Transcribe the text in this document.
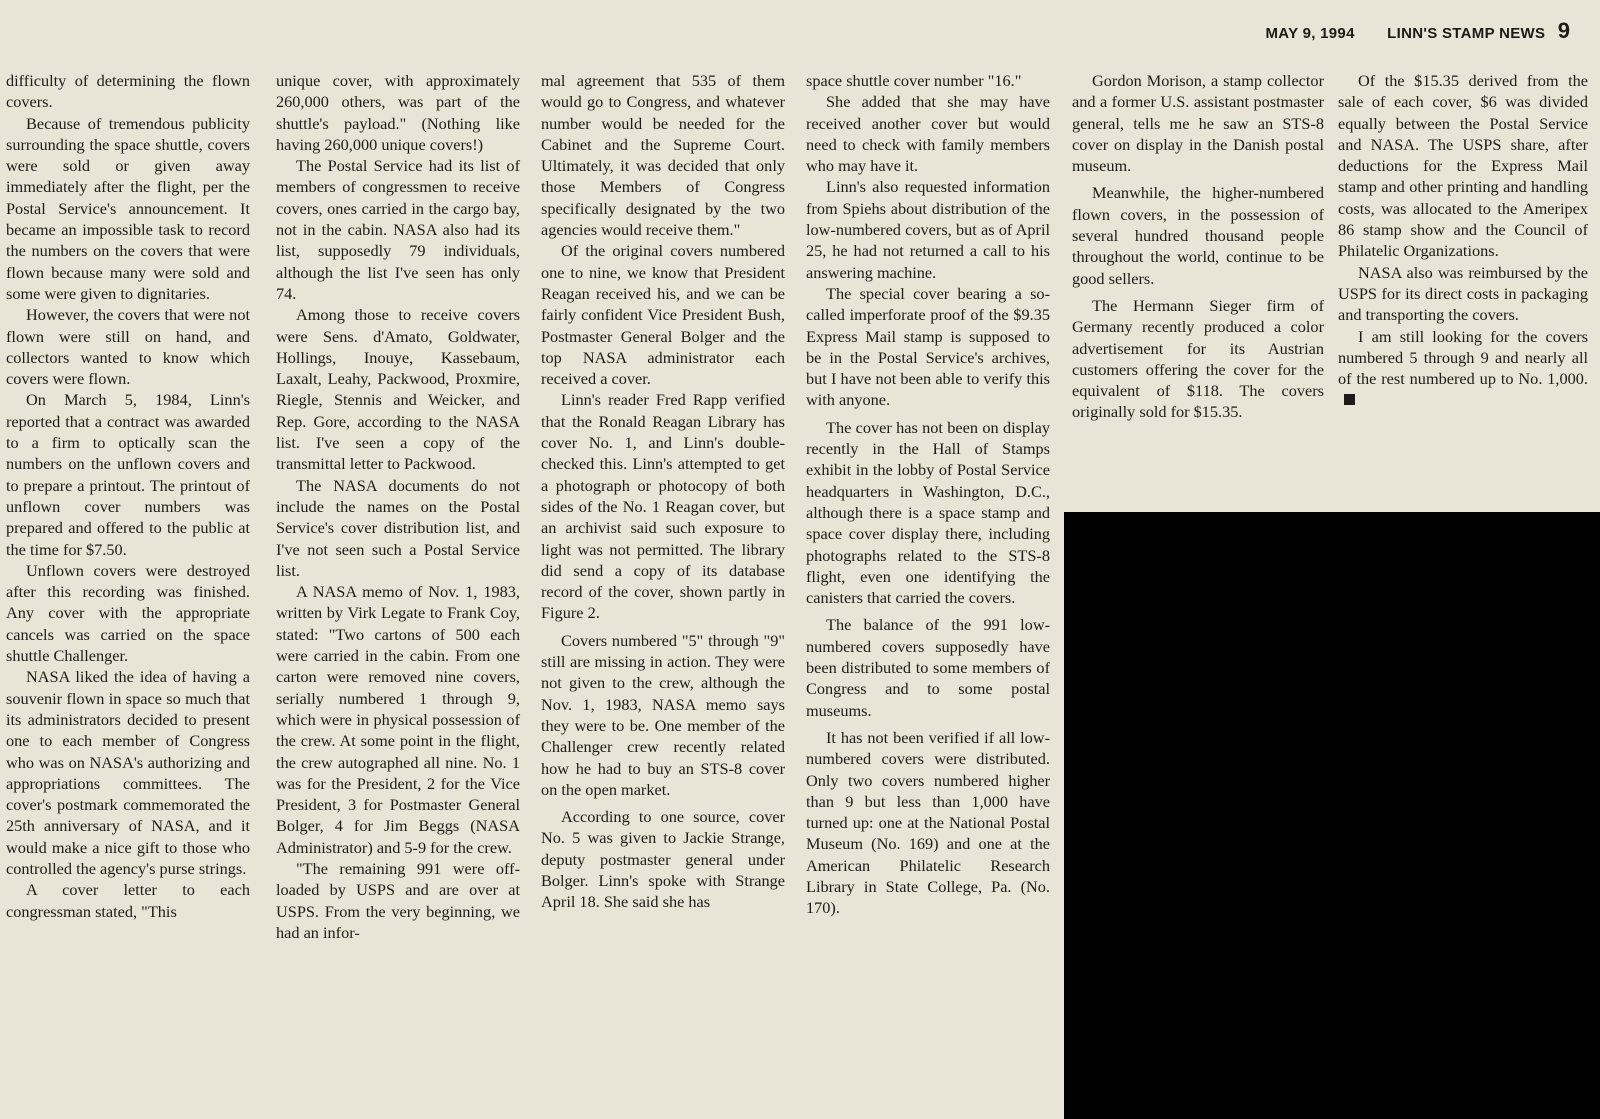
MAY 9, 1994 LINN'S STAMP NEWS 9

difficulty of determining the flown covers.

Because of tremendous publicity surrounding the space shuttle, covers were sold or given away immediately after the flight, per the Postal Service's announcement. It became an impossible task to record the numbers on the covers that were flown because many were sold and some were given to dignitaries.

However, the covers that were not flown were still on hand, and collectors wanted to know which covers were flown.

On March 5, 1984, Linn's reported that a contract was awarded to a firm to optically scan the numbers on the unflown covers and to prepare a printout. The printout of unflown cover numbers was prepared and offered to the public at the time for $7.50.

Unflown covers were destroyed after this recording was finished. Any cover with the appropriate cancels was carried on the space shuttle Challenger.

NASA liked the idea of having a souvenir flown in space so much that its administrators decided to present one to each member of Congress who was on NASA's authorizing and appropriations committees. The cover's postmark commemorated the 25th anniversary of NASA, and it would make a nice gift to those who controlled the agency's purse strings.

A cover letter to each congressman stated, "This

unique cover, with approximately 260,000 others, was part of the shuttle's payload." (Nothing like having 260,000 unique covers!)

The Postal Service had its list of members of congressmen to receive covers, ones carried in the cargo bay, not in the cabin. NASA also had its list, supposedly 79 individuals, although the list I've seen has only 74.

Among those to receive covers were Sens. d'Amato, Goldwater, Hollings, Inouye, Kassebaum, Laxalt, Leahy, Packwood, Proxmire, Riegle, Stennis and Weicker, and Rep. Gore, according to the NASA list. I've seen a copy of the transmittal letter to Packwood.

The NASA documents do not include the names on the Postal Service's cover distribution list, and I've not seen such a Postal Service list.

A NASA memo of Nov. 1, 1983, written by Virk Legate to Frank Coy, stated: "Two cartons of 500 each were carried in the cabin. From one carton were removed nine covers, serially numbered 1 through 9, which were in physical possession of the crew. At some point in the flight, the crew autographed all nine. No. 1 was for the President, 2 for the Vice President, 3 for Postmaster General Bolger, 4 for Jim Beggs (NASA Administrator) and 5-9 for the crew.

"The remaining 991 were off-loaded by USPS and are over at USPS. From the very beginning, we had an infor-

mal agreement that 535 of them would go to Congress, and whatever number would be needed for the Cabinet and the Supreme Court. Ultimately, it was decided that only those Members of Congress specifically designated by the two agencies would receive them."

Of the original covers numbered one to nine, we know that President Reagan received his, and we can be fairly confident Vice President Bush, Postmaster General Bolger and the top NASA administrator each received a cover.

Linn's reader Fred Rapp verified that the Ronald Reagan Library has cover No. 1, and Linn's double-checked this. Linn's attempted to get a photograph or photocopy of both sides of the No. 1 Reagan cover, but an archivist said such exposure to light was not permitted. The library did send a copy of its database record of the cover, shown partly in Figure 2.

Covers numbered "5" through "9" still are missing in action. They were not given to the crew, although the Nov. 1, 1983, NASA memo says they were to be. One member of the Challenger crew recently related how he had to buy an STS-8 cover on the open market.

According to one source, cover No. 5 was given to Jackie Strange, deputy postmaster general under Bolger. Linn's spoke with Strange April 18. She said she has

space shuttle cover number "16."

She added that she may have received another cover but would need to check with family members who may have it.

Linn's also requested information from Spiehs about distribution of the low-numbered covers, but as of April 25, he had not returned a call to his answering machine.

The special cover bearing a so-called imperforate proof of the $9.35 Express Mail stamp is supposed to be in the Postal Service's archives, but I have not been able to verify this with anyone.

The cover has not been on display recently in the Hall of Stamps exhibit in the lobby of Postal Service headquarters in Washington, D.C., although there is a space stamp and space cover display there, including photographs related to the STS-8 flight, even one identifying the canisters that carried the covers.

The balance of the 991 low-numbered covers supposedly have been distributed to some members of Congress and to some postal museums.

It has not been verified if all low-numbered covers were distributed. Only two covers numbered higher than 9 but less than 1,000 have turned up: one at the National Postal Museum (No. 169) and one at the American Philatelic Research Library in State College, Pa. (No. 170).

Gordon Morison, a stamp collector and a former U.S. assistant postmaster general, tells me he saw an STS-8 cover on display in the Danish postal museum.

Meanwhile, the higher-numbered flown covers, in the possession of several hundred thousand people throughout the world, continue to be good sellers.

The Hermann Sieger firm of Germany recently produced a color advertisement for its Austrian customers offering the cover for the equivalent of $118. The covers originally sold for $15.35.

Of the $15.35 derived from the sale of each cover, $6 was divided equally between the Postal Service and NASA. The USPS share, after deductions for the Express Mail stamp and other printing and handling costs, was allocated to the Ameripex 86 stamp show and the Council of Philatelic Organizations.

NASA also was reimbursed by the USPS for its direct costs in packaging and transporting the covers.

I am still looking for the covers numbered 5 through 9 and nearly all of the rest numbered up to No. 1,000.
